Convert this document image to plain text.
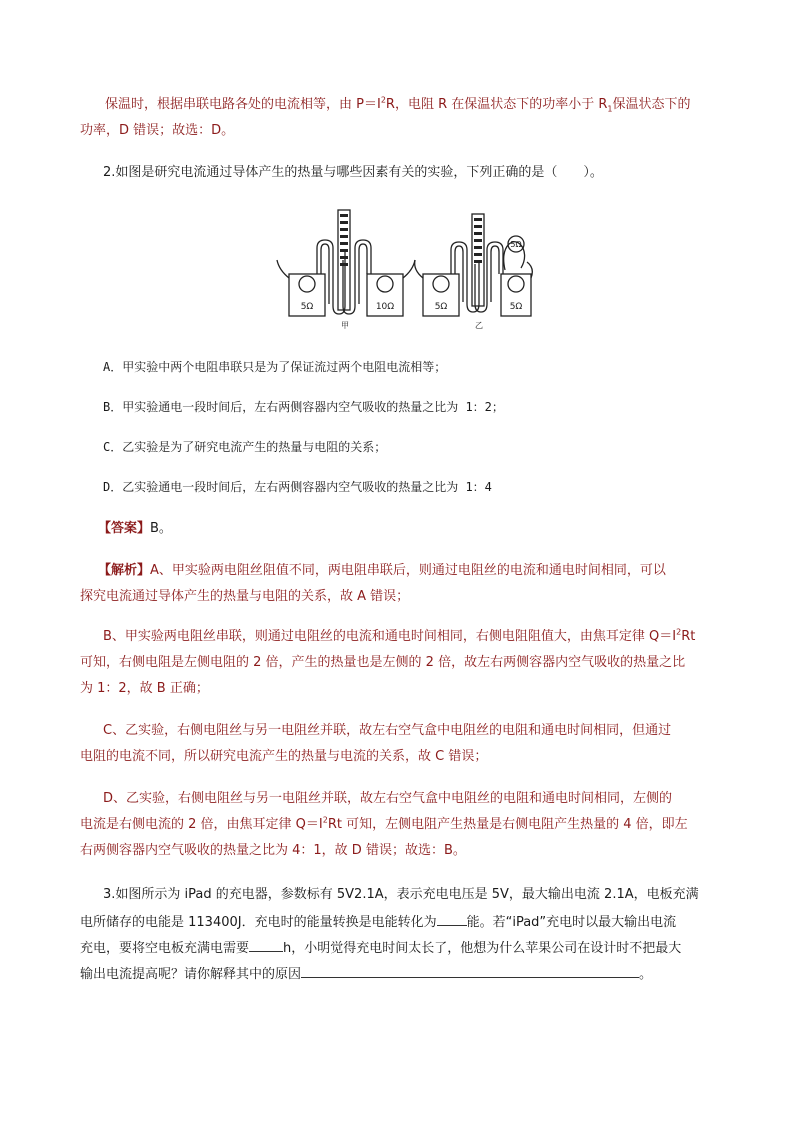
保温时，根据串联电路各处的电流相等，由 $P=I^2R$，电阻 R 在保温状态下的功率小于 $R_1$保温状态下的
功率，D 错误；故选：D。
2.如图是研究电流通过导体产生的热量与哪些因素有关的实验，下列正确的是（　　）。
5Ω	10Ω	5Ω	5Ω
5Ω
甲	乙
A．甲实验中两个电阻串联只是为了保证流过两个电阻电流相等；
B．甲实验通电一段时间后，左右两侧容器内空气吸收的热量之比为 1：2；
C．乙实验是为了研究电流产生的热量与电阻的关系；
D．乙实验通电一段时间后，左右两侧容器内空气吸收的热量之比为 1：4
【答案】B。
【解析】A、甲实验两电阻丝阻值不同，两电阻串联后，则通过电阻丝的电流和通电时间相同，可以
探究电流通过导体产生的热量与电阻的关系，故 A 错误；
B、甲实验两电阻丝串联，则通过电阻丝的电流和通电时间相同，右侧电阻阻值大，由焦耳定律 $Q=I^2Rt$
可知，右侧电阻是左侧电阻的 2 倍，产生的热量也是左侧的 2 倍，故左右两侧容器内空气吸收的热量之比
为 1：2，故 B 正确；
C、乙实验，右侧电阻丝与另一电阻丝并联，故左右空气盒中电阻丝的电阻和通电时间相同，但通过
电阻的电流不同，所以研究电流产生的热量与电流的关系，故 C 错误；
D、乙实验，右侧电阻丝与另一电阻丝并联，故左右空气盒中电阻丝的电阻和通电时间相同，左侧的
电流是右侧电流的 2 倍，由焦耳定律 $Q=I^2Rt$ 可知，左侧电阻产生热量是右侧电阻产生热量的 4 倍，即左
右两侧容器内空气吸收的热量之比为 4：1，故 D 错误；故选：B。
3.如图所示为 iPad 的充电器，参数标有 5V2.1A，表示充电电压是 5V，最大输出电流 2.1A，电板充满
电所储存的电能是 113400J．充电时的能量转换是电能转化为 能。若“iPad”充电时以最大输出电流
充电，要将空电板充满电需要	h，小明觉得充电时间太长了，他想为什么苹果公司在设计时不把最大
输出电流提高呢？请你解释其中的原因	。
